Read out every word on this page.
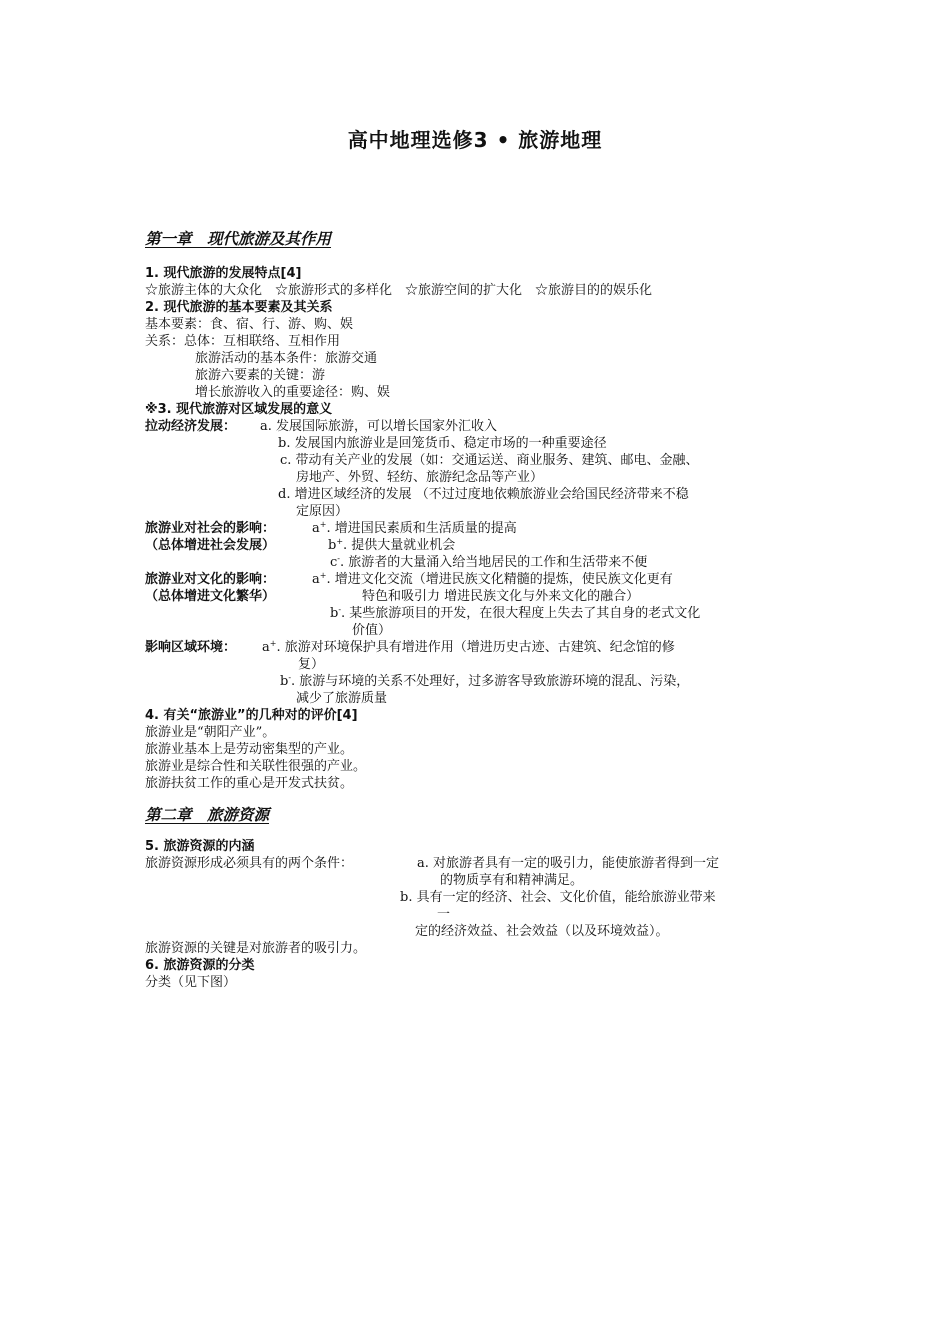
高中地理选修3 • 旅游地理
第一章　现代旅游及其作用
1. 现代旅游的发展特点[4]
☆旅游主体的大众化　☆旅游形式的多样化　☆旅游空间的扩大化　☆旅游目的的娱乐化
2. 现代旅游的基本要素及其关系
基本要素：食、宿、行、游、购、娱
关系：总体：互相联络、互相作用
旅游活动的基本条件：旅游交通
旅游六要素的关键：游
增长旅游收入的重要途径：购、娱
※3. 现代旅游对区域发展的意义
拉动经济发展： a. 发展国际旅游，可以增长国家外汇收入
b. 发展国内旅游业是回笼货币、稳定市场的一种重要途径
c. 带动有关产业的发展（如：交通运送、商业服务、建筑、邮电、金融、
房地产、外贸、轻纺、旅游纪念品等产业）
d. 增进区域经济的发展 （不过过度地依赖旅游业会给国民经济带来不稳
定原因）
旅游业对社会的影响：	a+. 增进国民素质和生活质量的提高
（总体增进社会发展）	b+. 提供大量就业机会
c-. 旅游者的大量涌入给当地居民的工作和生活带来不便
旅游业对文化的影响：	a+. 增进文化交流（增进民族文化精髓的提炼，使民族文化更有
（总体增进文化繁华）	特色和吸引力 增进民族文化与外来文化的融合）
b-. 某些旅游项目的开发，在很大程度上失去了其自身的老式文化
价值）
影响区域环境： a+. 旅游对环境保护具有增进作用（增进历史古迹、古建筑、纪念馆的修
复）
b-. 旅游与环境的关系不处理好，过多游客导致旅游环境的混乱、污染，
减少了旅游质量
4. 有关“旅游业”的几种对的评价[4]
旅游业是“朝阳产业”。
旅游业基本上是劳动密集型的产业。
旅游业是综合性和关联性很强的产业。
旅游扶贫工作的重心是开发式扶贫。
第二章　旅游资源
5. 旅游资源的内涵
旅游资源形成必须具有的两个条件：	a. 对旅游者具有一定的吸引力，能使旅游者得到一定
的物质享有和精神满足。
b. 具有一定的经济、社会、文化价值，能给旅游业带来
一
定的经济效益、社会效益（以及环境效益）。
旅游资源的关键是对旅游者的吸引力。
6. 旅游资源的分类
分类（见下图）
